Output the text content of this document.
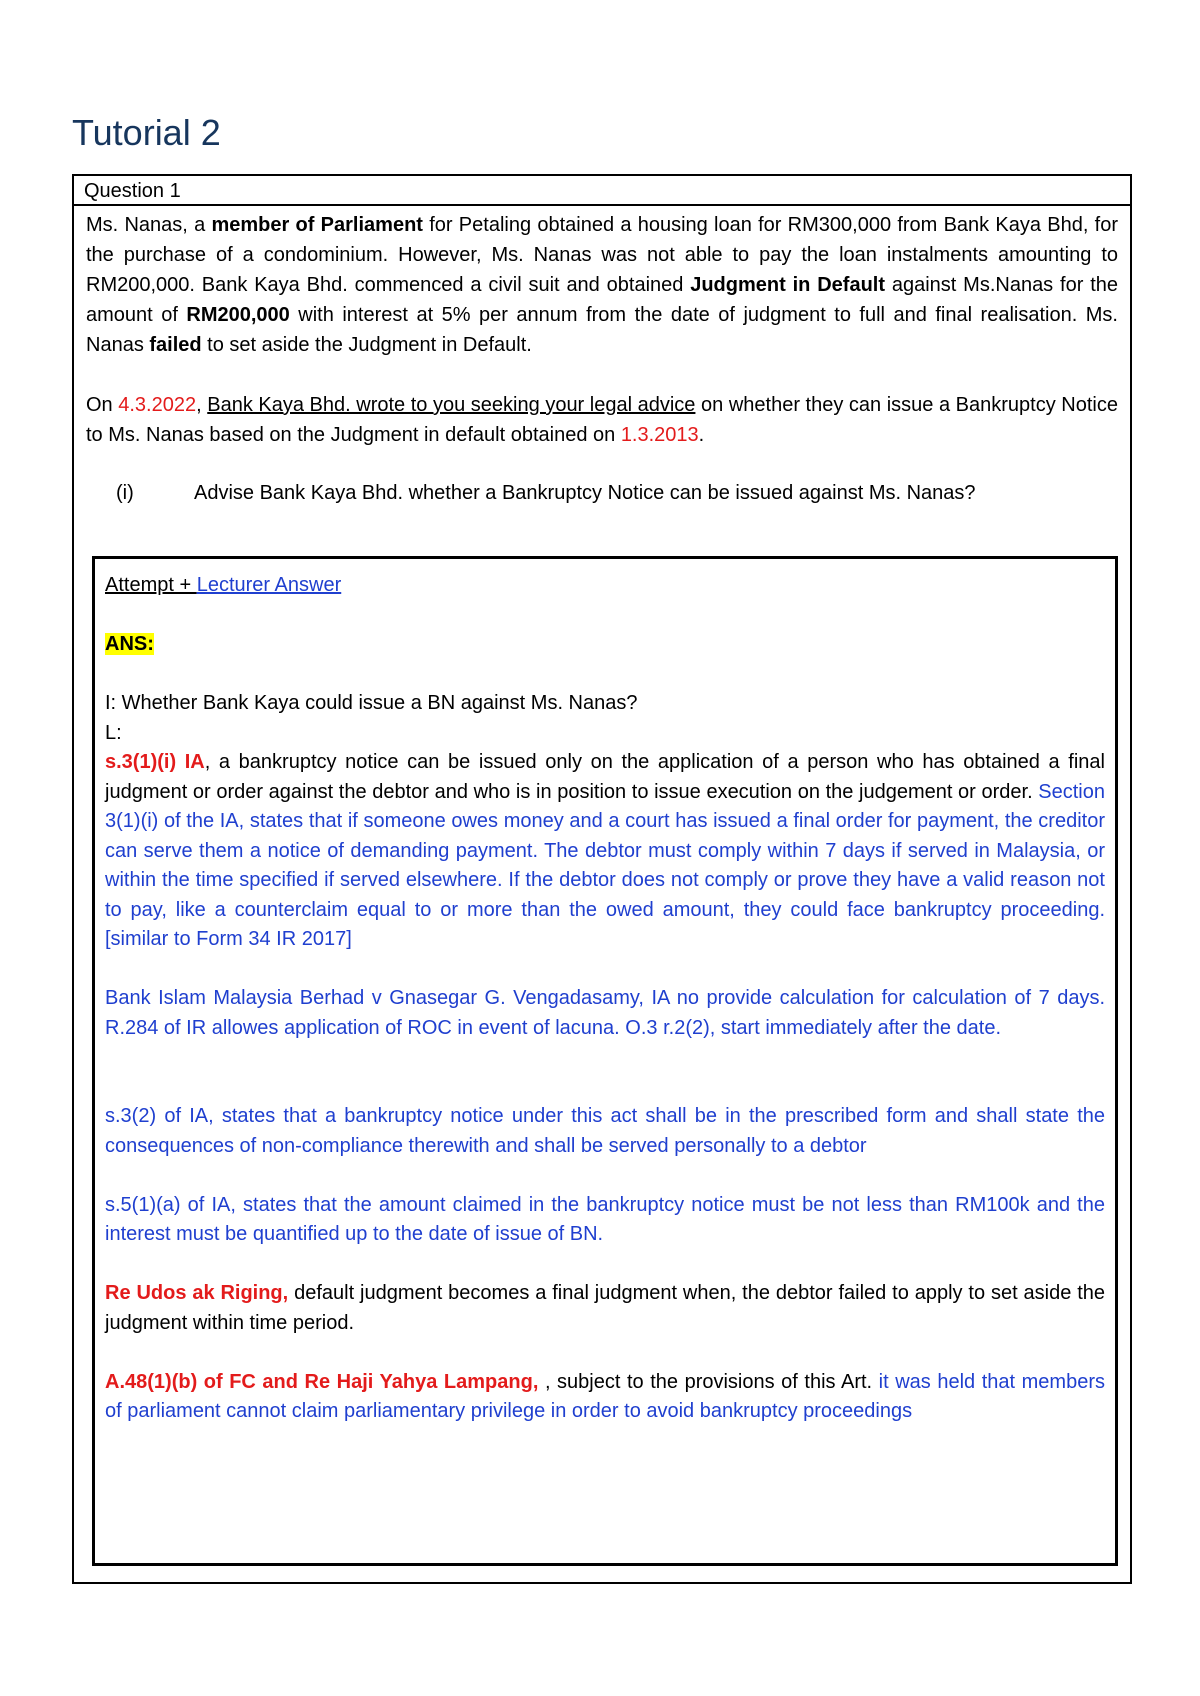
Tutorial 2
Question 1

Ms. Nanas, a member of Parliament for Petaling obtained a housing loan for RM300,000 from Bank Kaya Bhd, for the purchase of a condominium. However, Ms. Nanas was not able to pay the loan instalments amounting to RM200,000. Bank Kaya Bhd. commenced a civil suit and obtained Judgment in Default against Ms.Nanas for the amount of RM200,000 with interest at 5% per annum from the date of judgment to full and final realisation. Ms. Nanas failed to set aside the Judgment in Default.

On 4.3.2022, Bank Kaya Bhd. wrote to you seeking your legal advice on whether they can issue a Bankruptcy Notice to Ms. Nanas based on the Judgment in default obtained on 1.3.2013.

(i)	Advise Bank Kaya Bhd. whether a Bankruptcy Notice can be issued against Ms. Nanas?

Attempt + Lecturer Answer

ANS:

I: Whether Bank Kaya could issue a BN against Ms. Nanas?

L:

s.3(1)(i) IA, a bankruptcy notice can be issued only on the application of a person who has obtained a final judgment or order against the debtor and who is in position to issue execution on the judgement or order. Section 3(1)(i) of the IA, states that if someone owes money and a court has issued a final order for payment, the creditor can serve them a notice of demanding payment. The debtor must comply within 7 days if served in Malaysia, or within the time specified if served elsewhere. If the debtor does not comply or prove they have a valid reason not to pay, like a counterclaim equal to or more than the owed amount, they could face bankruptcy proceeding. [similar to Form 34 IR 2017]

Bank Islam Malaysia Berhad v Gnasegar G. Vengadasamy, IA no provide calculation for calculation of 7 days. R.284 of IR allowes application of ROC in event of lacuna. O.3 r.2(2), start immediately after the date.

s.3(2) of IA, states that a bankruptcy notice under this act shall be in the prescribed form and shall state the consequences of non-compliance therewith and shall be served personally to a debtor

s.5(1)(a) of IA, states that the amount claimed in the bankruptcy notice must be not less than RM100k and the interest must be quantified up to the date of issue of BN.

Re Udos ak Riging, default judgment becomes a final judgment when, the debtor failed to apply to set aside the judgment within time period.

A.48(1)(b) of FC and Re Haji Yahya Lampang, , subject to the provisions of this Art. it was held that members of parliament cannot claim parliamentary privilege in order to avoid bankruptcy proceedings
